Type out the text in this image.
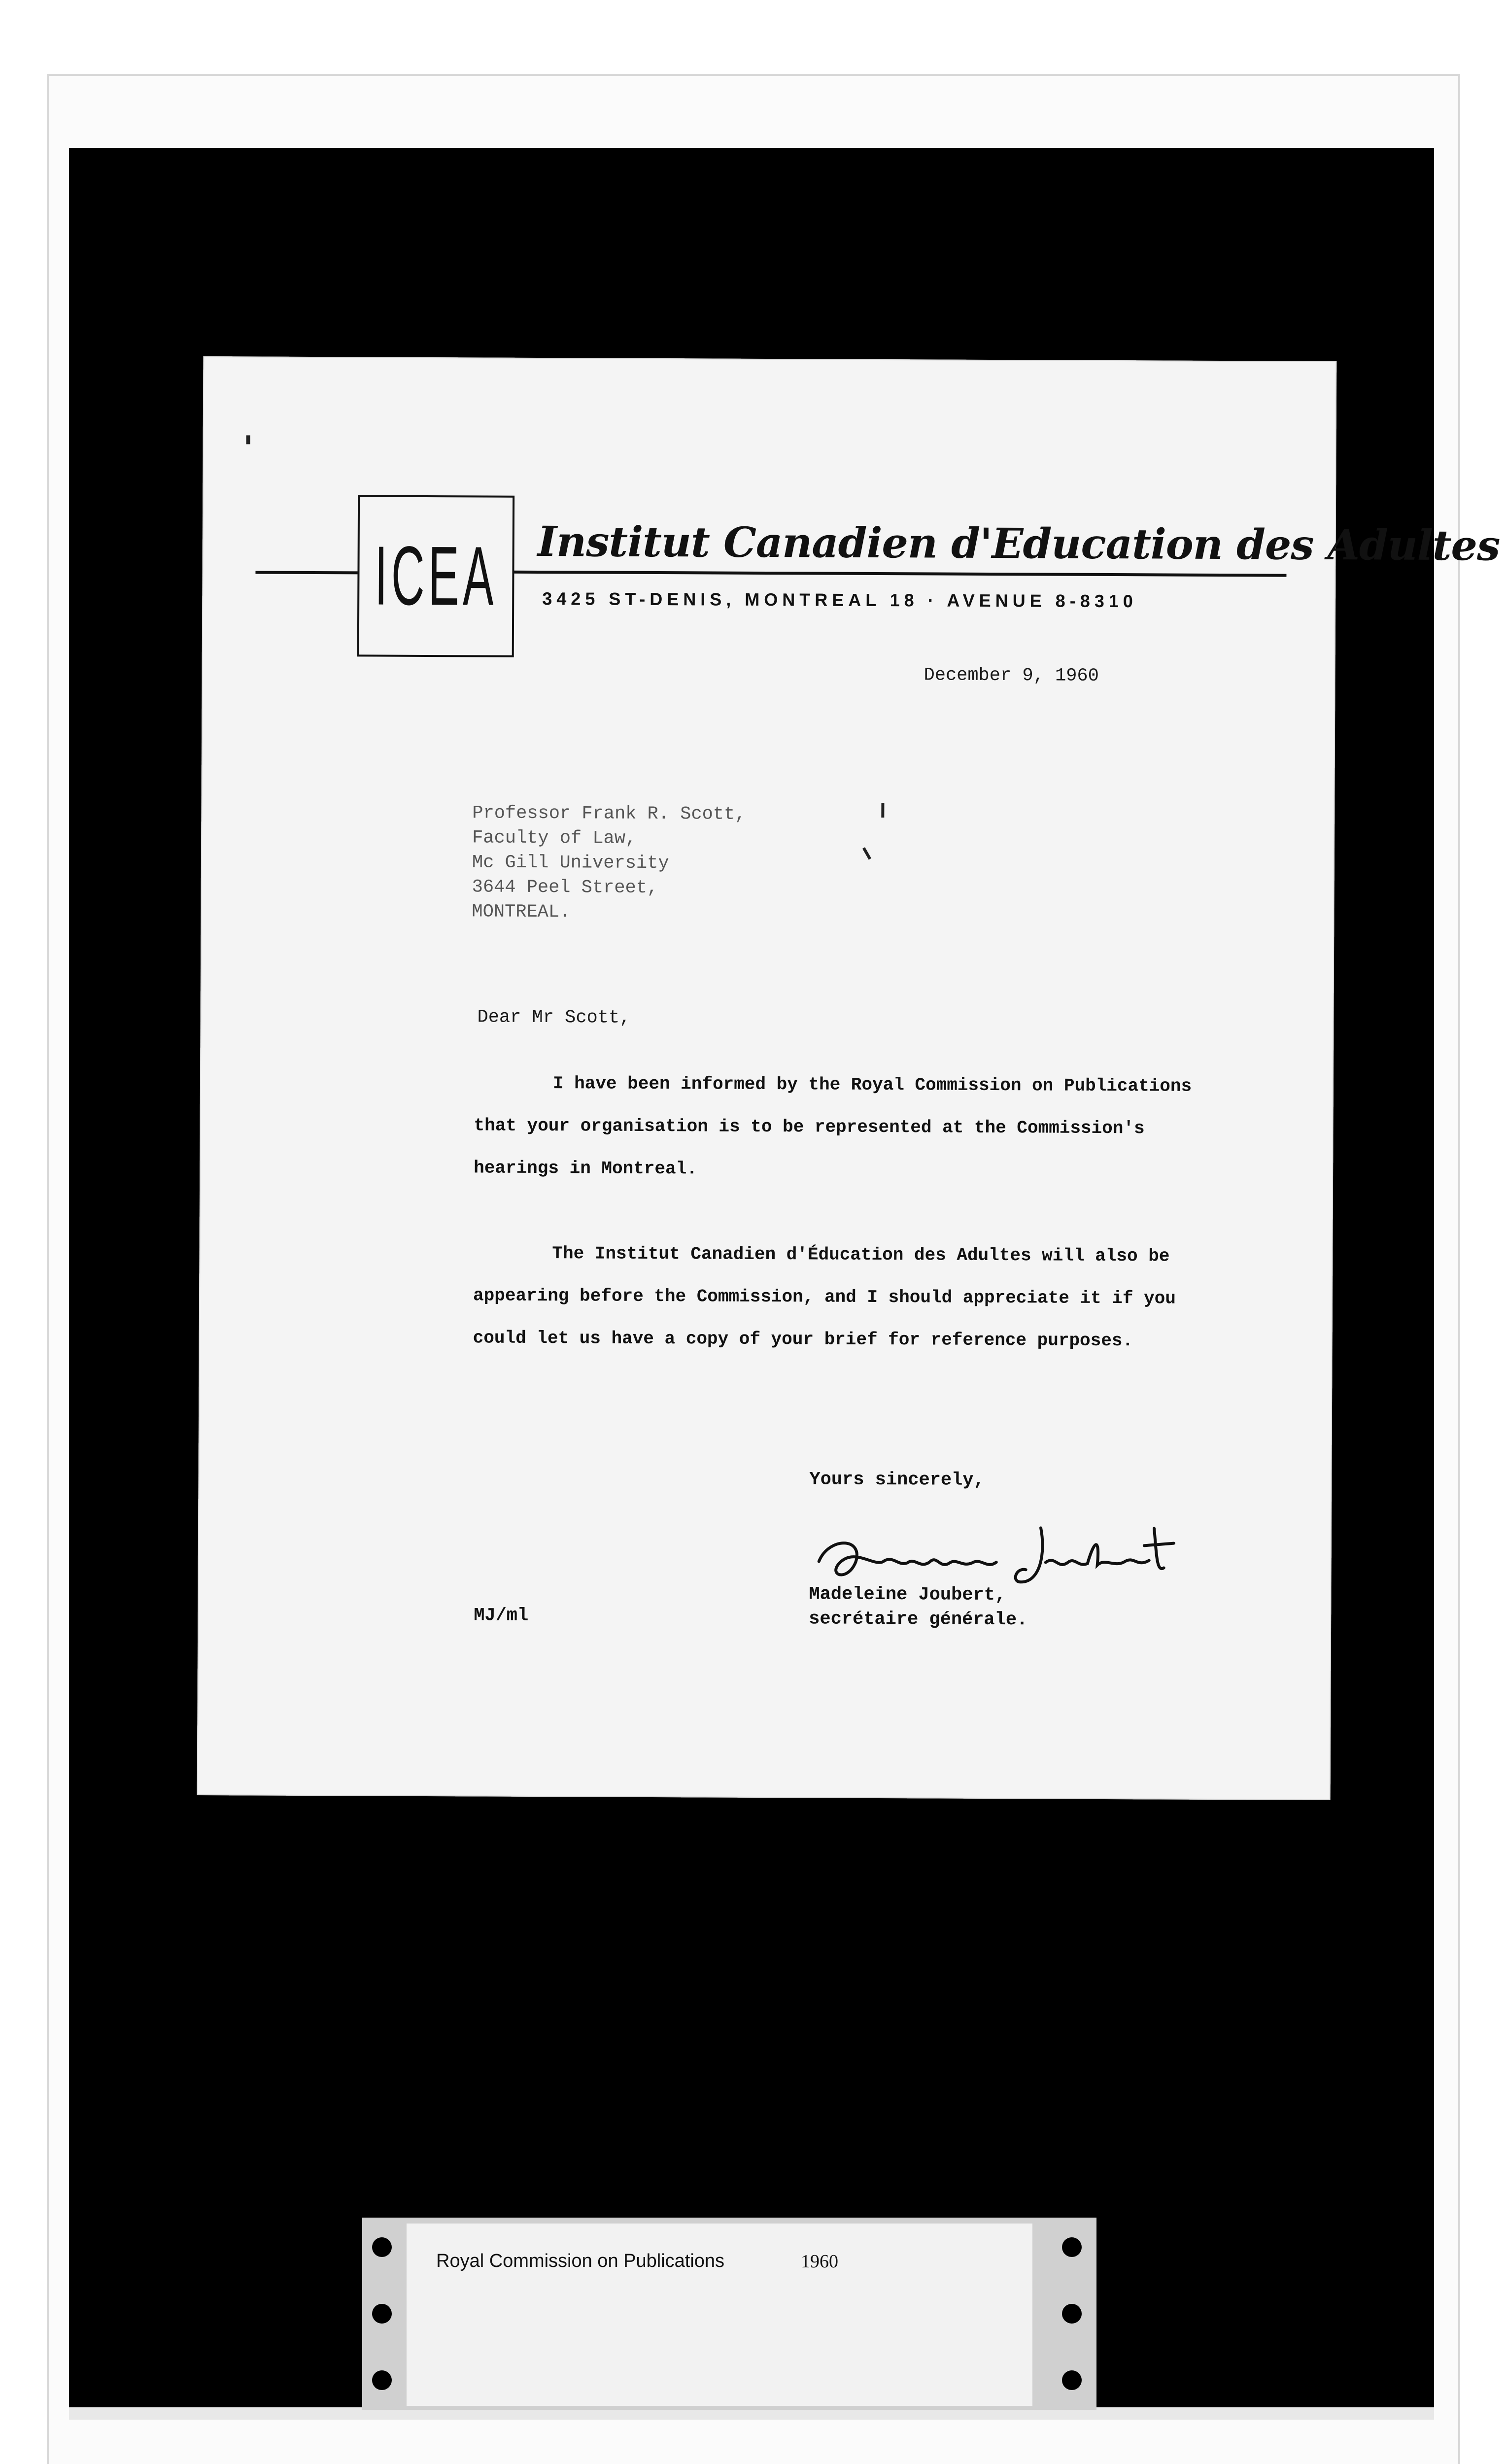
ICEA Institut Canadien d'Education des Adultes
3425 ST-DENIS, MONTREAL 18 · AVENUE 8-8310
December 9, 1960
Professor Frank R. Scott,
Faculty of Law,
Mc Gill University
3644 Peel Street,
MONTREAL.
Dear Mr Scott,
I have been informed by the Royal Commission on Publications that your organisation is to be represented at the Commission's hearings in Montreal.
The Institut Canadien d'Éducation des Adultes will also be appearing before the Commission, and I should appreciate it if you could let us have a copy of your brief for reference purposes.
Yours sincerely,
Madeleine Joubert,
secrétaire générale.
MJ/ml
Royal Commission on Publications	1960
